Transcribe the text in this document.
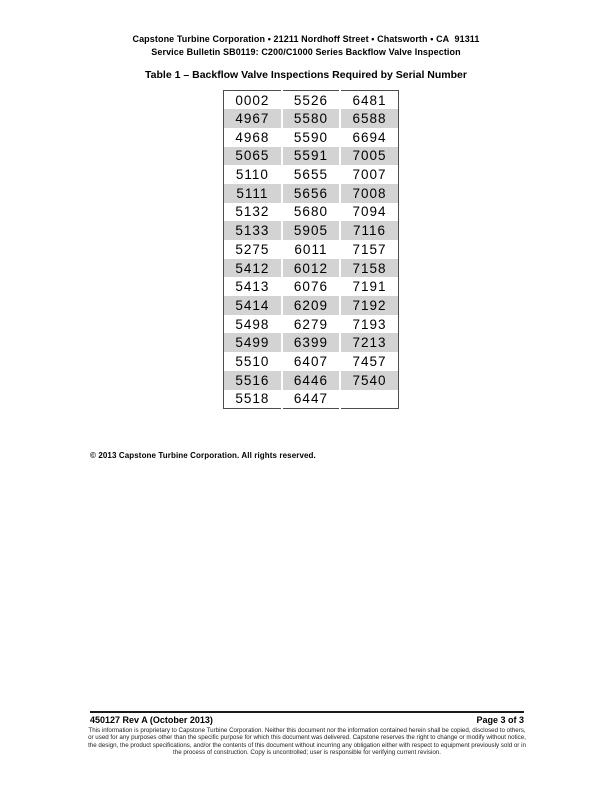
Capstone Turbine Corporation • 21211 Nordhoff Street • Chatsworth • CA  91311
Service Bulletin SB0119: C200/C1000 Series Backflow Valve Inspection
Table 1 – Backflow Valve Inspections Required by Serial Number
0002	5526	6481
4967	5580	6588
4968	5590	6694
5065	5591	7005
5110	5655	7007
5111	5656	7008
5132	5680	7094
5133	5905	7116
5275	6011	7157
5412	6012	7158
5413	6076	7191
5414	6209	7192
5498	6279	7193
5499	6399	7213
5510	6407	7457
5516	6446	7540
5518	6447	
© 2013 Capstone Turbine Corporation. All rights reserved.
450127 Rev A (October 2013)	Page 3 of 3
This information is proprietary to Capstone Turbine Corporation. Neither this document nor the information contained herein shall be copied, disclosed to others, or used for any purposes other than the specific purpose for which this document was delivered. Capstone reserves the right to change or modify without notice, the design, the product specifications, and/or the contents of this document without incurring any obligation either with respect to equipment previously sold or in the process of construction. Copy is uncontrolled; user is responsible for verifying current revision.
